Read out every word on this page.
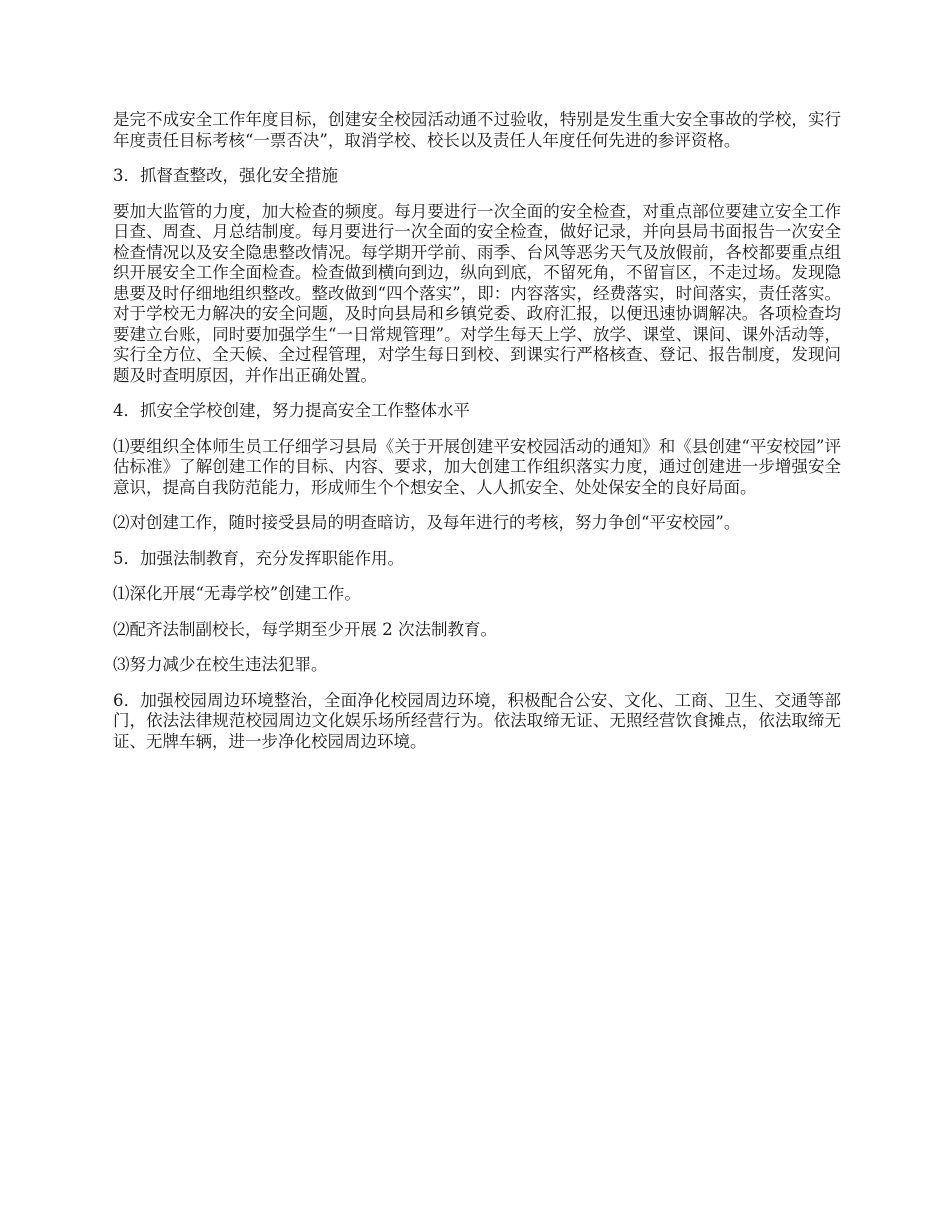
是完不成安全工作年度目标，创建安全校园活动通不过验收，特别是发生重大安全事故的学校，实行年度责任目标考核“一票否决”，取消学校、校长以及责任人年度任何先进的参评资格。

3．抓督查整改，强化安全措施

要加大监管的力度，加大检查的频度。每月要进行一次全面的安全检查，对重点部位要建立安全工作日查、周查、月总结制度。每月要进行一次全面的安全检查，做好记录，并向县局书面报告一次安全检查情况以及安全隐患整改情况。每学期开学前、雨季、台风等恶劣天气及放假前，各校都要重点组织开展安全工作全面检查。检查做到横向到边，纵向到底，不留死角，不留盲区，不走过场。发现隐患要及时仔细地组织整改。整改做到“四个落实”，即：内容落实，经费落实，时间落实，责任落实。对于学校无力解决的安全问题，及时向县局和乡镇党委、政府汇报，以便迅速协调解决。各项检查均要建立台账，同时要加强学生“一日常规管理”。对学生每天上学、放学、课堂、课间、课外活动等，实行全方位、全天候、全过程管理，对学生每日到校、到课实行严格核查、登记、报告制度，发现问题及时查明原因，并作出正确处置。

4．抓安全学校创建，努力提高安全工作整体水平

⑴要组织全体师生员工仔细学习县局《关于开展创建平安校园活动的通知》和《县创建“平安校园”评估标准》了解创建工作的目标、内容、要求，加大创建工作组织落实力度，通过创建进一步增强安全意识，提高自我防范能力，形成师生个个想安全、人人抓安全、处处保安全的良好局面。

⑵对创建工作，随时接受县局的明查暗访，及每年进行的考核，努力争创“平安校园”。

5．加强法制教育，充分发挥职能作用。

⑴深化开展“无毒学校”创建工作。

⑵配齐法制副校长，每学期至少开展 2 次法制教育。

⑶努力减少在校生违法犯罪。

6．加强校园周边环境整治，全面净化校园周边环境，积极配合公安、文化、工商、卫生、交通等部门，依法法律规范校园周边文化娱乐场所经营行为。依法取缔无证、无照经营饮食摊点，依法取缔无证、无牌车辆，进一步净化校园周边环境。
